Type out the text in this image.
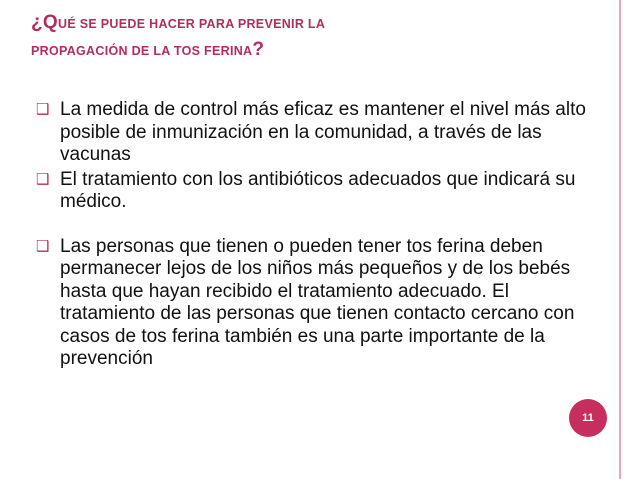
¿QUÉ SE PUEDE HACER PARA PREVENIR LA
PROPAGACIÓN DE LA TOS FERINA?
❑ La medida de control más eficaz es mantener el nivel más alto posible de inmunización en la comunidad, a través de las vacunas
❑ El tratamiento con los antibióticos adecuados que indicará su médico.
❑ Las personas que tienen o pueden tener tos ferina deben permanecer lejos de los niños más pequeños y de los bebés hasta que hayan recibido el tratamiento adecuado. El tratamiento de las personas que tienen contacto cercano con casos de tos ferina también es una parte importante de la prevención
11
